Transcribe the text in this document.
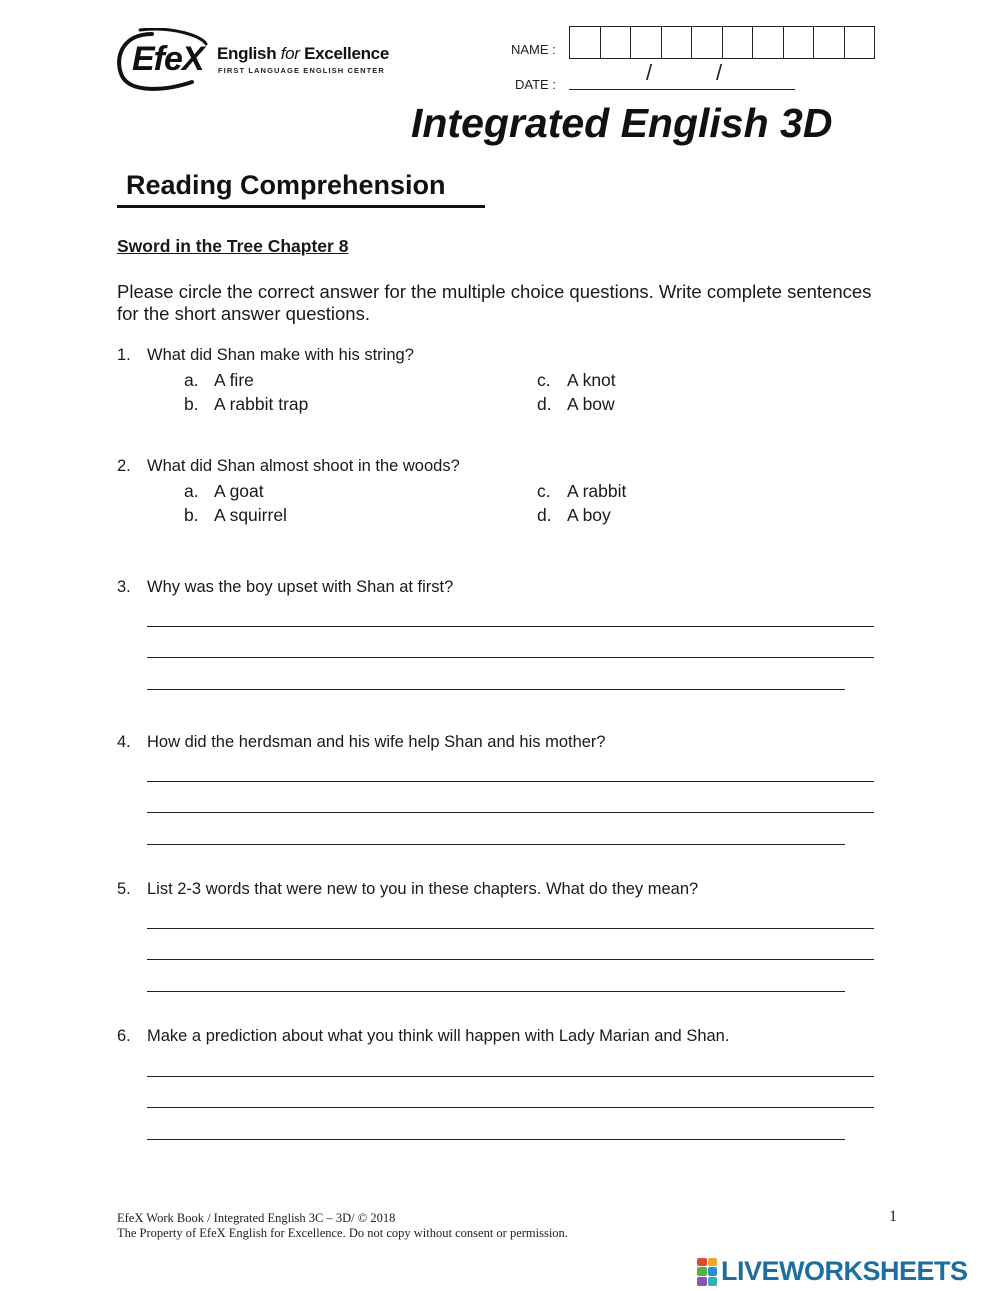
EfeX English for Excellence
FIRST LANGUAGE ENGLISH CENTER
NAME :
DATE :	/	/
Integrated English 3D
Reading Comprehension
Sword in the Tree Chapter 8
Please circle the correct answer for the multiple choice questions. Write complete sentences for the short answer questions.
1. What did Shan make with his string?
a. A fire
b. A rabbit trap
c. A knot
d. A bow
2. What did Shan almost shoot in the woods?
a. A goat
b. A squirrel
c. A rabbit
d. A boy
3. Why was the boy upset with Shan at first?
4. How did the herdsman and his wife help Shan and his mother?
5. List 2-3 words that were new to you in these chapters. What do they mean?
6. Make a prediction about what you think will happen with Lady Marian and Shan.
EfeX Work Book / Integrated English 3C – 3D/ © 2018
The Property of EfeX English for Excellence. Do not copy without consent or permission.
1
LIVEWORKSHEETS
